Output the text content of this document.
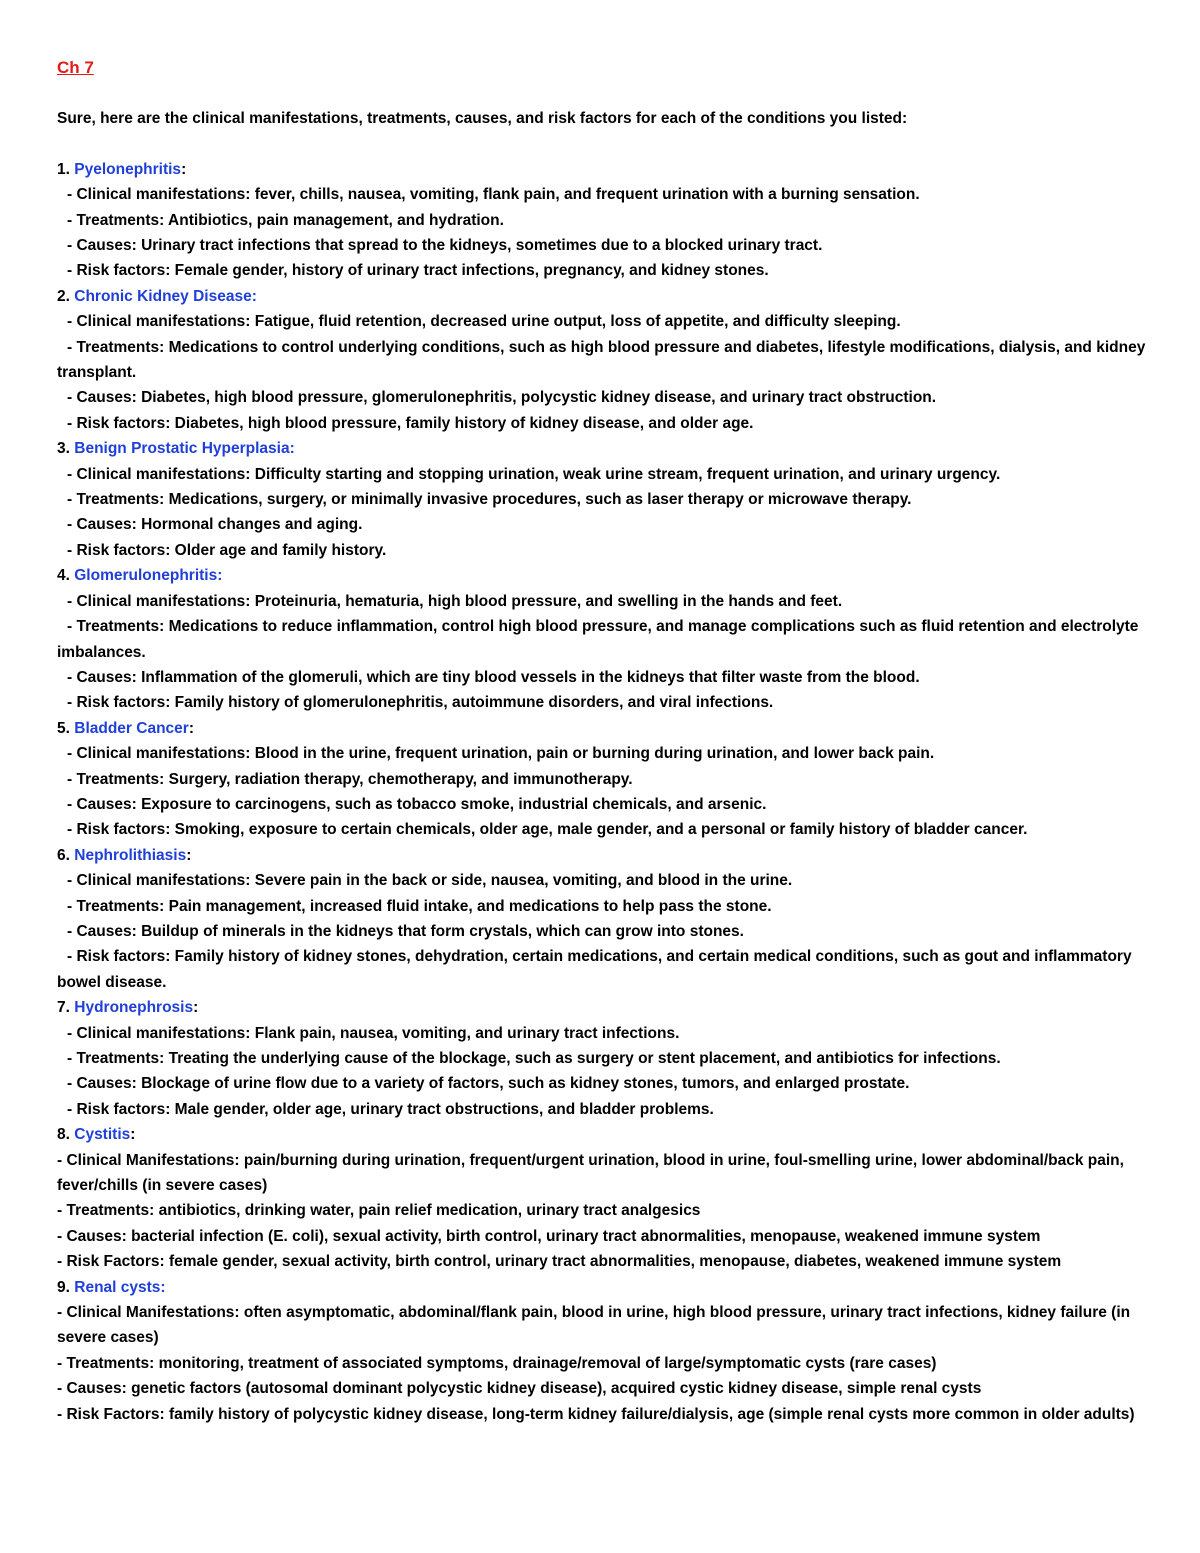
Ch 7
Sure, here are the clinical manifestations, treatments, causes, and risk factors for each of the conditions you listed:
1. Pyelonephritis:
- Clinical manifestations: fever, chills, nausea, vomiting, flank pain, and frequent urination with a burning sensation.
- Treatments: Antibiotics, pain management, and hydration.
- Causes: Urinary tract infections that spread to the kidneys, sometimes due to a blocked urinary tract.
- Risk factors: Female gender, history of urinary tract infections, pregnancy, and kidney stones.
2. Chronic Kidney Disease:
- Clinical manifestations: Fatigue, fluid retention, decreased urine output, loss of appetite, and difficulty sleeping.
- Treatments: Medications to control underlying conditions, such as high blood pressure and diabetes, lifestyle modifications, dialysis, and kidney transplant.
- Causes: Diabetes, high blood pressure, glomerulonephritis, polycystic kidney disease, and urinary tract obstruction.
- Risk factors: Diabetes, high blood pressure, family history of kidney disease, and older age.
3. Benign Prostatic Hyperplasia:
- Clinical manifestations: Difficulty starting and stopping urination, weak urine stream, frequent urination, and urinary urgency.
- Treatments: Medications, surgery, or minimally invasive procedures, such as laser therapy or microwave therapy.
- Causes: Hormonal changes and aging.
- Risk factors: Older age and family history.
4. Glomerulonephritis:
- Clinical manifestations: Proteinuria, hematuria, high blood pressure, and swelling in the hands and feet.
- Treatments: Medications to reduce inflammation, control high blood pressure, and manage complications such as fluid retention and electrolyte imbalances.
- Causes: Inflammation of the glomeruli, which are tiny blood vessels in the kidneys that filter waste from the blood.
- Risk factors: Family history of glomerulonephritis, autoimmune disorders, and viral infections.
5. Bladder Cancer:
- Clinical manifestations: Blood in the urine, frequent urination, pain or burning during urination, and lower back pain.
- Treatments: Surgery, radiation therapy, chemotherapy, and immunotherapy.
- Causes: Exposure to carcinogens, such as tobacco smoke, industrial chemicals, and arsenic.
- Risk factors: Smoking, exposure to certain chemicals, older age, male gender, and a personal or family history of bladder cancer.
6. Nephrolithiasis:
- Clinical manifestations: Severe pain in the back or side, nausea, vomiting, and blood in the urine.
- Treatments: Pain management, increased fluid intake, and medications to help pass the stone.
- Causes: Buildup of minerals in the kidneys that form crystals, which can grow into stones.
- Risk factors: Family history of kidney stones, dehydration, certain medications, and certain medical conditions, such as gout and inflammatory bowel disease.
7. Hydronephrosis:
- Clinical manifestations: Flank pain, nausea, vomiting, and urinary tract infections.
- Treatments: Treating the underlying cause of the blockage, such as surgery or stent placement, and antibiotics for infections.
- Causes: Blockage of urine flow due to a variety of factors, such as kidney stones, tumors, and enlarged prostate.
- Risk factors: Male gender, older age, urinary tract obstructions, and bladder problems.
8. Cystitis:
- Clinical Manifestations: pain/burning during urination, frequent/urgent urination, blood in urine, foul-smelling urine, lower abdominal/back pain, fever/chills (in severe cases)
- Treatments: antibiotics, drinking water, pain relief medication, urinary tract analgesics
- Causes: bacterial infection (E. coli), sexual activity, birth control, urinary tract abnormalities, menopause, weakened immune system
- Risk Factors: female gender, sexual activity, birth control, urinary tract abnormalities, menopause, diabetes, weakened immune system
9. Renal cysts:
- Clinical Manifestations: often asymptomatic, abdominal/flank pain, blood in urine, high blood pressure, urinary tract infections, kidney failure (in severe cases)
- Treatments: monitoring, treatment of associated symptoms, drainage/removal of large/symptomatic cysts (rare cases)
- Causes: genetic factors (autosomal dominant polycystic kidney disease), acquired cystic kidney disease, simple renal cysts
- Risk Factors: family history of polycystic kidney disease, long-term kidney failure/dialysis, age (simple renal cysts more common in older adults)
